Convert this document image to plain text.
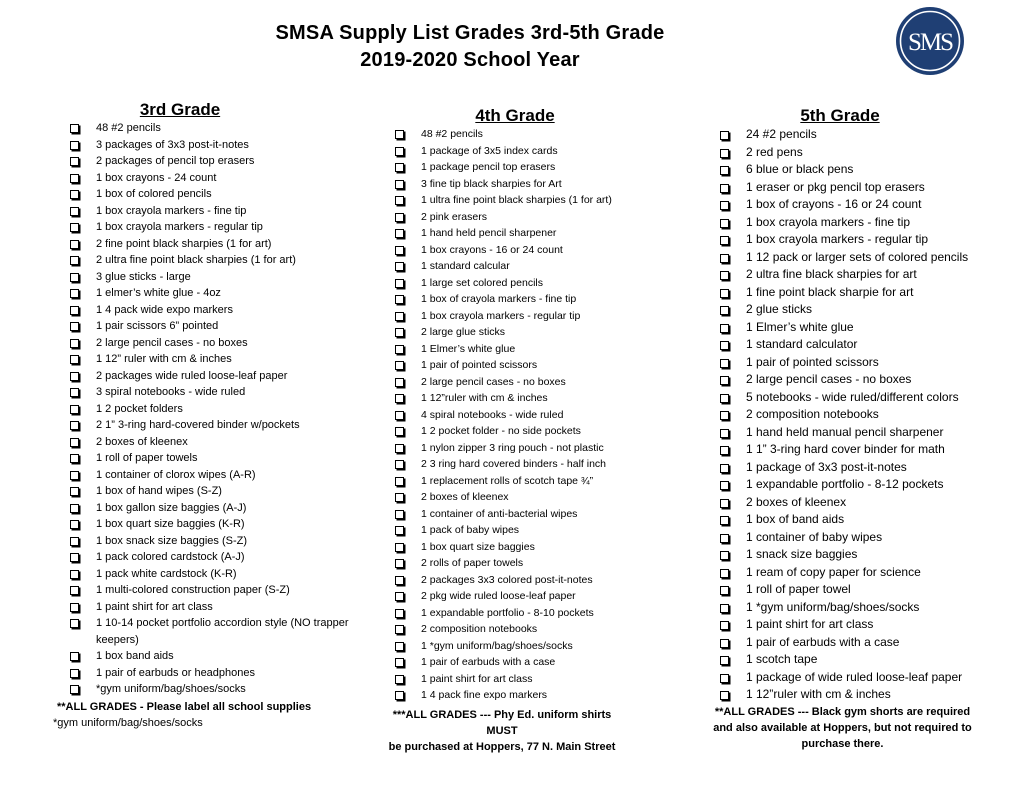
SMSA Supply List Grades 3rd-5th Grade
2019-2020 School Year
SMS
3rd Grade
48 #2 pencils
3 packages of 3x3 post-it-notes
2 packages of pencil top erasers
1 box crayons - 24 count
1 box of colored pencils
1 box crayola markers - fine tip
1 box crayola markers - regular tip
2 fine point black sharpies (1 for art)
2 ultra fine point black sharpies (1 for art)
3 glue sticks - large
1 elmer’s white glue - 4oz
1 4 pack wide expo markers
1 pair scissors 6” pointed
2 large pencil cases - no boxes
1 12” ruler with cm & inches
2 packages wide ruled loose-leaf paper
3 spiral notebooks - wide ruled
1 2 pocket folders
2 1” 3-ring hard-covered binder w/pockets
2 boxes of kleenex
1 roll of paper towels
1 container of clorox wipes (A-R)
1 box of hand wipes (S-Z)
1 box gallon size baggies (A-J)
1 box quart size baggies (K-R)
1 box snack size baggies (S-Z)
1 pack colored cardstock (A-J)
1 pack white cardstock (K-R)
1 multi-colored construction paper (S-Z)
1 paint shirt for art class
1 10-14 pocket portfolio accordion style (NO trapper keepers)
1 box band aids
1 pair of earbuds or headphones
*gym uniform/bag/shoes/socks
**ALL GRADES - Please label all school supplies
*gym uniform/bag/shoes/socks
4th Grade
48 #2 pencils
1 package of 3x5 index cards
1 package pencil top erasers
3 fine tip black sharpies for Art
1 ultra fine point black sharpies (1 for art)
2 pink erasers
1 hand held pencil sharpener
1 box crayons - 16 or 24 count
1 standard calcular
1 large set colored pencils
1 box of crayola markers - fine tip
1 box crayola markers - regular tip
2 large glue sticks
1 Elmer’s white glue
1 pair of pointed scissors
2 large pencil cases - no boxes
1 12”ruler with cm & inches
4 spiral notebooks - wide ruled
1 2 pocket folder - no side pockets
1 nylon zipper 3 ring pouch - not plastic
2 3 ring hard covered binders - half inch
1 replacement rolls of scotch tape ¾”
2 boxes of kleenex
1 container of anti-bacterial wipes
1 pack of baby wipes
1 box quart size baggies
2 rolls of paper towels
2 packages 3x3 colored post-it-notes
2 pkg wide ruled loose-leaf paper
1 expandable portfolio - 8-10 pockets
2 composition notebooks
1 *gym uniform/bag/shoes/socks
1 pair of earbuds with a case
1 paint shirt for art class
1 4 pack fine expo markers
***ALL GRADES --- Phy Ed. uniform shirts MUST
be purchased at Hoppers, 77 N. Main Street
5th Grade
24 #2 pencils
2 red pens
6 blue or black pens
1 eraser or pkg pencil top erasers
1 box of crayons - 16 or 24 count
1 box crayola markers - fine tip
1 box crayola markers - regular tip
1 12 pack or larger sets of colored pencils
2 ultra fine black sharpies for art
1 fine point black sharpie for art
2 glue sticks
1 Elmer’s white glue
1 standard calculator
1 pair of pointed scissors
2 large pencil cases - no boxes
5 notebooks - wide ruled/different colors
2 composition notebooks
1 hand held manual pencil sharpener
1 1” 3-ring hard cover binder for math
1 package of 3x3 post-it-notes
1 expandable portfolio - 8-12 pockets
2 boxes of kleenex
1 box of band aids
1 container of baby wipes
1 snack size baggies
1 ream of copy paper for science
1 roll of paper towel
1 *gym uniform/bag/shoes/socks
1 paint shirt for art class
1 pair of earbuds with a case
1 scotch tape
1 package of wide ruled loose-leaf paper
1 12”ruler with cm & inches
**ALL GRADES --- Black gym shorts are required
and also available at Hoppers, but not required to
purchase there.
